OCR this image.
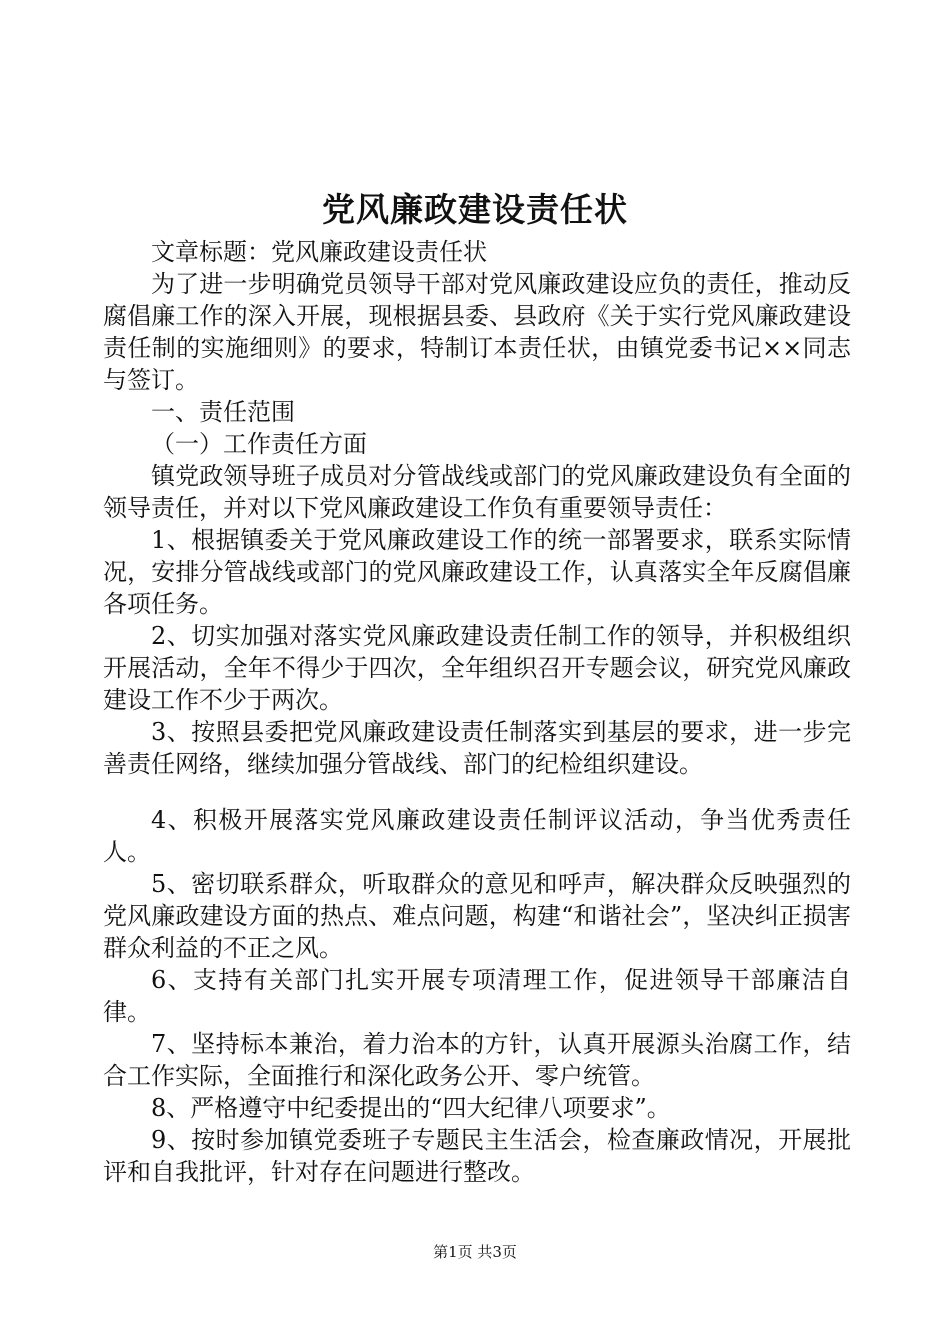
党风廉政建设责任状

文章标题：党风廉政建设责任状

为了进一步明确党员领导干部对党风廉政建设应负的责任，推动反腐倡廉工作的深入开展，现根据县委、县政府《关于实行党风廉政建设责任制的实施细则》的要求，特制订本责任状，由镇党委书记××同志与签订。

一、责任范围

（一）工作责任方面

镇党政领导班子成员对分管战线或部门的党风廉政建设负有全面的领导责任，并对以下党风廉政建设工作负有重要领导责任：

1、根据镇委关于党风廉政建设工作的统一部署要求，联系实际情况，安排分管战线或部门的党风廉政建设工作，认真落实全年反腐倡廉各项任务。

2、切实加强对落实党风廉政建设责任制工作的领导，并积极组织开展活动，全年不得少于四次，全年组织召开专题会议，研究党风廉政建设工作不少于两次。

3、按照县委把党风廉政建设责任制落实到基层的要求，进一步完善责任网络，继续加强分管战线、部门的纪检组织建设。

4、积极开展落实党风廉政建设责任制评议活动，争当优秀责任人。

5、密切联系群众，听取群众的意见和呼声，解决群众反映强烈的党风廉政建设方面的热点、难点问题，构建“和谐社会”，坚决纠正损害群众利益的不正之风。

6、支持有关部门扎实开展专项清理工作，促进领导干部廉洁自律。

7、坚持标本兼治，着力治本的方针，认真开展源头治腐工作，结合工作实际，全面推行和深化政务公开、零户统管。

8、严格遵守中纪委提出的“四大纪律八项要求”。

9、按时参加镇党委班子专题民主生活会，检查廉政情况，开展批评和自我批评，针对存在问题进行整改。

第1页 共3页
